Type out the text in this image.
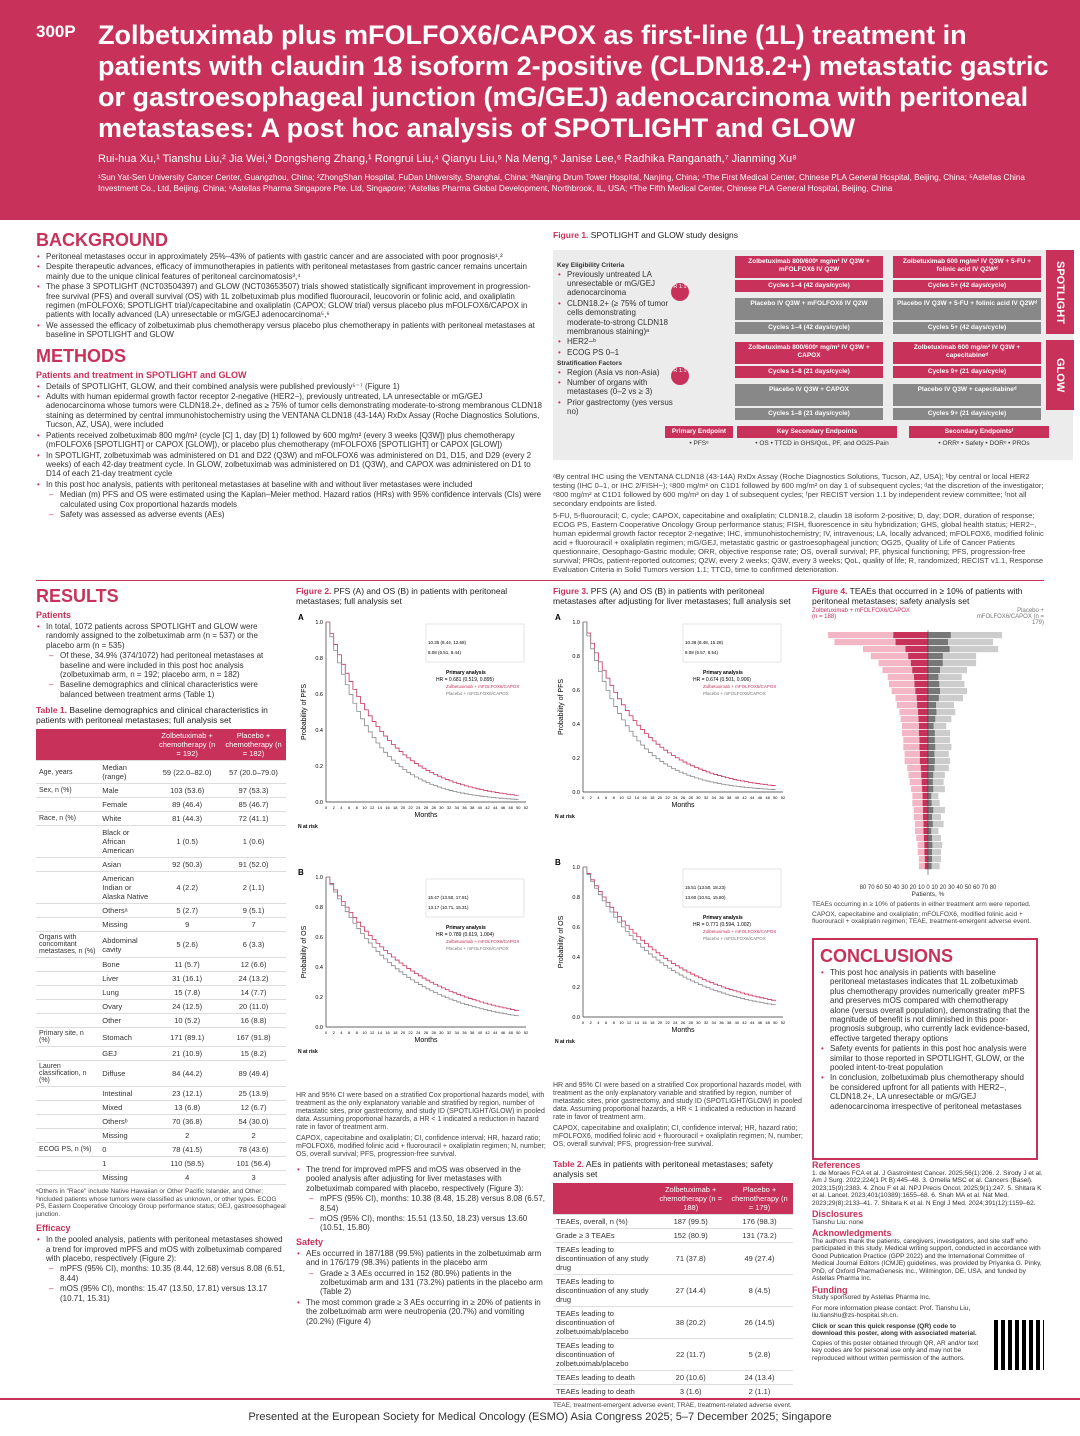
300P Zolbetuximab plus mFOLFOX6/CAPOX as first-line (1L) treatment in patients with claudin 18 isoform 2-positive (CLDN18.2+) metastatic gastric or gastroesophageal junction (mG/GEJ) adenocarcinoma with peritoneal metastases: A post hoc analysis of SPOTLIGHT and GLOW
Rui-hua Xu,¹ Tianshu Liu,² Jia Wei,³ Dongsheng Zhang,¹ Rongrui Liu,⁴ Qianyu Liu,⁵ Na Meng,⁵ Janise Lee,⁶ Radhika Ranganath,⁷ Jianming Xu⁸
¹Sun Yat-Sen University Cancer Center, Guangzhou, China; ²ZhongShan Hospital, FuDan University, Shanghai, China; ³Nanjing Drum Tower Hospital, Nanjing, China; ⁴The First Medical Center, Chinese PLA General Hospital, Beijing, China; ⁵Astellas China Investment Co., Ltd, Beijing, China; ⁶Astellas Pharma Singapore Pte. Ltd, Singapore; ⁷Astellas Pharma Global Development, Northbrook, IL, USA; ⁸The Fifth Medical Center, Chinese PLA General Hospital, Beijing, China
BACKGROUND
• Peritoneal metastases occur in approximately 25%–43% of patients with gastric cancer and are associated with poor prognosis¹,²
• Despite therapeutic advances, efficacy of immunotherapies in patients with peritoneal metastases from gastric cancer remains uncertain mainly due to the unique clinical features of peritoneal carcinomatosis³,⁴
• The phase 3 SPOTLIGHT (NCT03504397) and GLOW (NCT03653507) trials showed statistically significant improvement in progression-free survival (PFS) and overall survival (OS) with 1L zolbetuximab plus modified fluorouracil, leucovorin or folinic acid, and oxaliplatin regimen (mFOLFOX6; SPOTLIGHT trial)/capecitabine and oxaliplatin (CAPOX; GLOW trial) versus placebo plus mFOLFOX6/CAPOX in patients with locally advanced (LA) unresectable or mG/GEJ adenocarcinoma⁵,⁶
• We assessed the efficacy of zolbetuximab plus chemotherapy versus placebo plus chemotherapy in patients with peritoneal metastases at baseline in SPOTLIGHT and GLOW
METHODS
Patients and treatment in SPOTLIGHT and GLOW
• Details of SPOTLIGHT, GLOW, and their combined analysis were published previously⁵⁻⁷ (Figure 1)
• Adults with human epidermal growth factor receptor 2-negative (HER2−), previously untreated, LA unresectable or mG/GEJ adenocarcinoma whose tumors were CLDN18.2+, defined as ≥ 75% of tumor cells demonstrating moderate-to-strong membranous CLDN18 staining as determined by central immunohistochemistry using the VENTANA CLDN18 (43-14A) RxDx Assay (Roche Diagnostics Solutions, Tucson, AZ, USA), were included
• Patients received zolbetuximab 800 mg/m² (cycle [C] 1, day [D] 1) followed by 600 mg/m² (every 3 weeks [Q3W]) plus chemotherapy (mFOLFOX6 [SPOTLIGHT] or CAPOX [GLOW]), or placebo plus chemotherapy (mFOLFOX6 [SPOTLIGHT] or CAPOX [GLOW])
• In SPOTLIGHT, zolbetuximab was administered on D1 and D22 (Q3W) and mFOLFOX6 was administered on D1, D15, and D29 (every 2 weeks) of each 42-day treatment cycle. In GLOW, zolbetuximab was administered on D1 (Q3W), and CAPOX was administered on D1 to D14 of each 21-day treatment cycle
• In this post hoc analysis, patients with peritoneal metastases at baseline with and without liver metastases were included
– Median (m) PFS and OS were estimated using the Kaplan–Meier method. Hazard ratios (HRs) with 95% confidence intervals (CIs) were calculated using Cox proportional hazards models
– Safety was assessed as adverse events (AEs)
Figure 1. SPOTLIGHT and GLOW study designs
Key Eligibility Criteria
• Previously untreated LA unresectable or mG/GEJ adenocarcinoma
• CLDN18.2+ (≥ 75% of tumor cells demonstrating moderate-to-strong CLDN18 membranous staining)ᵃ
• HER2−ᵇ
• ECOG PS 0–1
Stratification Factors
• Region (Asia vs non-Asia)
• Number of organs with metastases (0–2 vs ≥ 3)
• Prior gastrectomy (yes versus no)
R 1:1
R 1:1
Zolbetuximab 800/600ᶜ mg/m² IV Q3W + mFOLFOX6 IV Q2W
Cycles 1–4 (42 days/cycle)
Zolbetuximab 600 mg/m² IV Q3W + 5-FU + folinic acid IV Q2Wᵈ
Cycles 5+ (42 days/cycle)
Placebo IV Q3W + mFOLFOX6 IV Q2W
Cycles 1–4 (42 days/cycle)
Placebo IV Q3W + 5-FU + folinic acid IV Q2Wᵈ
Cycles 5+ (42 days/cycle)
Zolbetuximab 800/600ᶜ mg/m² IV Q3W + CAPOX
Cycles 1–8 (21 days/cycle)
Zolbetuximab 600 mg/m² IV Q3W + capecitabineᵈ
Cycles 9+ (21 days/cycle)
Placebo IV Q3W + CAPOX
Cycles 1–8 (21 days/cycle)
Placebo IV Q3W + capecitabineᵈ
Cycles 9+ (21 days/cycle)
Primary Endpoint
• PFSᵉ
Key Secondary Endpoints
• OS • TTCD in GHS/QoL, PF, and OG25-Pain
Secondary Endpointsᶠ
• ORRᵉ • Safety • DORᵉ • PROs
SPOTLIGHT
GLOW
ᵃBy central IHC using the VENTANA CLDN18 (43-14A) RxDx Assay (Roche Diagnostics Solutions, Tucson, AZ, USA); ᵇby central or local HER2 testing (IHC 0–1, or IHC 2/FISH−); ᶜ800 mg/m² on C1D1 followed by 600 mg/m² on day 1 of subsequent cycles; ᵈat the discretion of the investigator; ᵉ800 mg/m² at C1D1 followed by 600 mg/m² on day 1 of subsequent cycles; ᶠper RECIST version 1.1 by independent review committee; ᶠnot all secondary endpoints are listed.
5-FU, 5-fluorouracil; C, cycle; CAPOX, capecitabine and oxaliplatin; CLDN18.2, claudin 18 isoform 2-positive; D, day; DOR, duration of response; ECOG PS, Eastern Cooperative Oncology Group performance status; FISH, fluorescence in situ hybridization; GHS, global health status; HER2−, human epidermal growth factor receptor 2-negative; IHC, immunohistochemistry; IV, intravenous; LA, locally advanced; mFOLFOX6, modified folinic acid + fluorouracil + oxaliplatin regimen; mG/GEJ, metastatic gastric or gastroesophageal junction; OG25, Quality of Life of Cancer Patients questionnaire, Oesophago-Gastric module; ORR, objective response rate; OS, overall survival; PF, physical functioning; PFS, progression-free survival; PROs, patient-reported outcomes; Q2W, every 2 weeks; Q3W, every 3 weeks; QoL, quality of life; R, randomized; RECIST v1.1, Response Evaluation Criteria in Solid Tumors version 1.1; TTCD, time to confirmed deterioration.
RESULTS
Patients
• In total, 1072 patients across SPOTLIGHT and GLOW were randomly assigned to the zolbetuximab arm (n = 537) or the placebo arm (n = 535)
– Of these, 34.9% (374/1072) had peritoneal metastases at baseline and were included in this post hoc analysis (zolbetuximab arm, n = 192; placebo arm, n = 182)
– Baseline demographics and clinical characteristics were balanced between treatment arms (Table 1)
Table 1. Baseline demographics and clinical characteristics in patients with peritoneal metastases; full analysis set
		Zolbetuximab + chemotherapy (n = 192)	Placebo + chemotherapy (n = 182)
Age, years	Median (range)	59 (22.0–82.0)	57 (20.0–79.0)
Sex, n (%)	Male	103 (53.6)	97 (53.3)
	Female	89 (46.4)	85 (46.7)
Race, n (%)	White	81 (44.3)	72 (41.1)
	Black or African American	1 (0.5)	1 (0.6)
	Asian	92 (50.3)	91 (52.0)
	American Indian or Alaska Native	4 (2.2)	2 (1.1)
	Othersᵃ	5 (2.7)	9 (5.1)
	Missing	9	7
Organs with concomitant metastases, n (%)	Abdominal cavity	5 (2.6)	6 (3.3)
	Bone	11 (5.7)	12 (6.6)
	Liver	31 (16.1)	24 (13.2)
	Lung	15 (7.8)	14 (7.7)
	Ovary	24 (12.5)	20 (11.0)
	Other	10 (5.2)	16 (8.8)
Primary site, n (%)	Stomach	171 (89.1)	167 (91.8)
	GEJ	21 (10.9)	15 (8.2)
Lauren classification, n (%)	Diffuse	84 (44.2)	89 (49.4)
	Intestinal	23 (12.1)	25 (13.9)
	Mixed	13 (6.8)	12 (6.7)
	Othersᵇ	70 (36.8)	54 (30.0)
	Missing	2	2
ECOG PS, n (%)	0	78 (41.5)	78 (43.6)
	1	110 (58.5)	101 (56.4)
	Missing	4	3
ᵃOthers in "Race" include Native Hawaiian or Other Pacific Islander, and Other; ᵇincluded patients whose tumors were classified as unknown, or other types. ECOG PS, Eastern Cooperative Oncology Group performance status; GEJ, gastroesophageal junction.
Efficacy
• In the pooled analysis, patients with peritoneal metastases showed a trend for improved mPFS and mOS with zolbetuximab compared with placebo, respectively (Figure 2):
– mPFS (95% CI), months: 10.35 (8.44, 12.68) versus 8.08 (6.51, 8.44)
– mOS (95% CI), months: 15.47 (13.50, 17.81) versus 13.17 (10.71, 15.31)
Figure 2. PFS (A) and OS (B) in patients with peritoneal metastases; full analysis set
A
Probability of PFS
0.0
0.2
0.4
0.6
0.8
1.0
0 2 4 6 8 10 12 14 16 18 20 22 24 26 28 30 32 34 36 38 40 42 44 46 48 50 52
Months
10.35 (8.44, 12.68)
8.08 (6.51, 8.44)
Primary analysis
HR = 0.681 (0.519, 0.895)
Zolbetuximab + mFOLFOX6/CAPOX
Placebo + mFOLFOX6/CAPOX
N at risk

B
Probability of OS
0.0
0.2
0.4
0.6
0.8
1.0
0 2 4 6 8 10 12 14 16 18 20 22 24 26 28 30 32 34 36 38 40 42 44 46 48 50 52
Months
15.47 (13.50, 17.81)
13.17 (10.71, 15.31)
Primary analysis
HR = 0.789 (0.619, 1.004)
Zolbetuximab + mFOLFOX6/CAPOX
Placebo + mFOLFOX6/CAPOX
N at risk
HR and 95% CI were based on a stratified Cox proportional hazards model, with treatment as the only explanatory variable and stratified by region, number of metastatic sites, prior gastrectomy, and study ID (SPOTLIGHT/GLOW) in pooled data. Assuming proportional hazards, a HR < 1 indicated a reduction in hazard rate in favor of treatment arm.
CAPOX, capecitabine and oxaliplatin; CI, confidence interval; HR, hazard ratio; mFOLFOX6, modified folinic acid + fluorouracil + oxaliplatin regimen; N, number; OS, overall survival; PFS, progression-free survival.
• The trend for improved mPFS and mOS was observed in the pooled analysis after adjusting for liver metastases with zolbetuximab compared with placebo, respectively (Figure 3):
– mPFS (95% CI), months: 10.38 (8.48, 15.28) versus 8.08 (6.57, 8.54)
– mOS (95% CI), months: 15.51 (13.50, 18.23) versus 13.60 (10.51, 15.80)
Safety
• AEs occurred in 187/188 (99.5%) patients in the zolbetuximab arm and in 176/179 (98.3%) patients in the placebo arm
– Grade ≥ 3 AEs occurred in 152 (80.9%) patients in the zolbetuximab arm and 131 (73.2%) patients in the placebo arm (Table 2)
• The most common grade ≥ 3 AEs occurring in ≥ 20% of patients in the zolbetuximab arm were neutropenia (20.7%) and vomiting (20.2%) (Figure 4)
Figure 3. PFS (A) and OS (B) in patients with peritoneal metastases after adjusting for liver metastases; full analysis set
A
Probability of PFS
0.0
0.2
0.4
0.6
0.8
1.0
0 2 4 6 8 10 12 14 16 18 20 22 24 26 28 30 32 34 36 38 40 42 44 46 48 50 52
Months
10.38 (8.48, 15.28)
8.08 (6.57, 8.54)
Primary analysis
HR = 0.674 (0.501, 0.906)
Zolbetuximab + mFOLFOX6/CAPOX
Placebo + mFOLFOX6/CAPOX
N at risk

B
Probability of OS
0.0
0.2
0.4
0.6
0.8
1.0
0 2 4 6 8 10 12 14 16 18 20 22 24 26 28 30 32 34 36 38 40 42 44 46 48 50 52
Months
15.51 (13.50, 18.23)
13.60 (10.51, 15.80)
Primary analysis
HR = 0.771 (0.594, 1.002)
Zolbetuximab + mFOLFOX6/CAPOX
Placebo + mFOLFOX6/CAPOX
N at risk
HR and 95% CI were based on a stratified Cox proportional hazards model, with treatment as the only explanatory variable and stratified by region, number of metastatic sites, prior gastrectomy, and study ID (SPOTLIGHT/GLOW) in pooled data. Assuming proportional hazards, a HR < 1 indicated a reduction in hazard rate in favor of treatment arm.
CAPOX, capecitabine and oxaliplatin; CI, confidence interval; HR, hazard ratio; mFOLFOX6, modified folinic acid + fluorouracil + oxaliplatin regimen; N, number; OS, overall survival; PFS, progression-free survival.
Table 2. AEs in patients with peritoneal metastases; safety analysis set
	Zolbetuximab + chemotherapy (n = 188)	Placebo + chemotherapy (n = 179)
TEAEs, overall, n (%)	187 (99.5)	176 (98.3)
Grade ≥ 3 TEAEs	152 (80.9)	131 (73.2)
TEAEs leading to discontinuation of any study drug	71 (37.8)	49 (27.4)
TEAEs leading to discontinuation of any study drug	27 (14.4)	8 (4.5)
TEAEs leading to discontinuation of zolbetuximab/placebo	38 (20.2)	26 (14.5)
TEAEs leading to discontinuation of zolbetuximab/placebo	22 (11.7)	5 (2.8)
TEAEs leading to death	20 (10.6)	24 (13.4)
TEAEs leading to death	3 (1.6)	2 (1.1)
TEAE, treatment-emergent adverse event; TRAE, treatment-related adverse event.
Figure 4. TEAEs that occurred in ≥ 10% of patients with peritoneal metastases; safety analysis set
Zolbetuximab + mFOLFOX6/CAPOX (n = 188)
Placebo + mFOLFOX6/CAPOX (n = 179)
80 70 60 50 40 30 20 10 0 10 20 30 40 50 60 70 80
Patients, %
TEAEs occurring in ≥ 10% of patients in either treatment arm were reported.
CAPOX, capecitabine and oxaliplatin; mFOLFOX6, modified folinic acid + fluorouracil + oxaliplatin regimen; TEAE, treatment-emergent adverse event.
CONCLUSIONS
• This post hoc analysis in patients with baseline peritoneal metastases indicates that 1L zolbetuximab plus chemotherapy provides numerically greater mPFS and preserves mOS compared with chemotherapy alone (versus overall population), demonstrating that the magnitude of benefit is not diminished in this poor-prognosis subgroup, who currently lack evidence-based, effective targeted therapy options
• Safety events for patients in this post hoc analysis were similar to those reported in SPOTLIGHT, GLOW, or the pooled intent-to-treat population
• In conclusion, zolbetuximab plus chemotherapy should be considered upfront for all patients with HER2−, CLDN18.2+, LA unresectable or mG/GEJ adenocarcinoma irrespective of peritoneal metastases
References
1. de Moraes FCA et al. J Gastrointest Cancer. 2025;56(1):206. 2. Sirody J et al. Am J Surg. 2022;224(1 Pt B):445–48. 3. Ornella MSC et al. Cancers (Basel). 2023;15(9):2383. 4. Zhou F et al. NPJ Precis Oncol. 2025;9(1):247. 5. Shitara K et al. Lancet. 2023;401(10389):1655–68. 6. Shah MA et al. Nat Med. 2023;29(8):2133–41. 7. Shitara K et al. N Engl J Med. 2024;391(12):1159–62.
Disclosures
Tianshu Liu: none
Acknowledgments
The authors thank the patients, caregivers, investigators, and site staff who participated in this study. Medical writing support, conducted in accordance with Good Publication Practice (GPP 2022) and the International Committee of Medical Journal Editors (ICMJE) guidelines, was provided by Priyanka G. Pinky, PhD, of Oxford PharmaGenesis Inc., Wilmington, DE, USA, and funded by Astellas Pharma Inc.
Funding
Study sponsored by Astellas Pharma Inc.
For more information please contact: Prof. Tianshu Liu, liu.tianshu@zs-hospital.sh.cn.
Click or scan this quick response (QR) code to download this poster, along with associated material.
Copies of this poster obtained through QR, AR and/or text key codes are for personal use only and may not be reproduced without written permission of the authors.
Presented at the European Society for Medical Oncology (ESMO) Asia Congress 2025; 5–7 December 2025; Singapore
